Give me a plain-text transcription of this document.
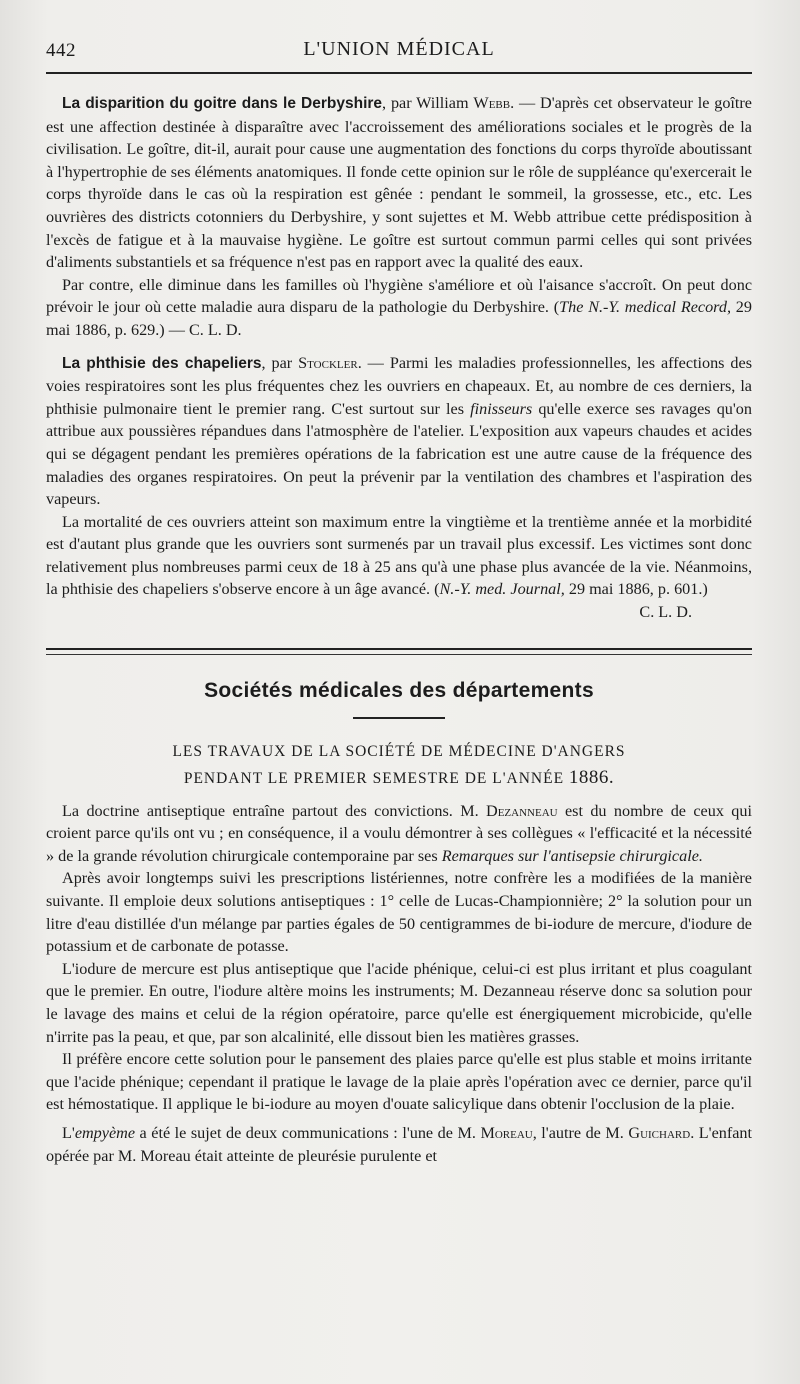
442	L'UNION MÉDICAL

La disparition du goitre dans le Derbyshire, par William Webb. — D'après cet observateur le goître est une affection destinée à disparaître avec l'accroissement des améliorations sociales et le progrès de la civilisation. Le goître, dit-il, aurait pour cause une augmentation des fonctions du corps thyroïde aboutissant à l'hypertrophie de ses éléments anatomiques. Il fonde cette opinion sur le rôle de suppléance qu'exercerait le corps thyroïde dans le cas où la respiration est gênée : pendant le sommeil, la grossesse, etc., etc. Les ouvrières des districts cotonniers du Derbyshire, y sont sujettes et M. Webb attribue cette prédisposition à l'excès de fatigue et à la mauvaise hygiène. Le goître est surtout commun parmi celles qui sont privées d'aliments substantiels et sa fréquence n'est pas en rapport avec la qualité des eaux.

Par contre, elle diminue dans les familles où l'hygiène s'améliore et où l'aisance s'accroît. On peut donc prévoir le jour où cette maladie aura disparu de la pathologie du Derbyshire. (The N.-Y. medical Record, 29 mai 1886, p. 629.) — C. L. D.

La phthisie des chapeliers, par Stockler. — Parmi les maladies professionnelles, les affections des voies respiratoires sont les plus fréquentes chez les ouvriers en chapeaux. Et, au nombre de ces derniers, la phthisie pulmonaire tient le premier rang. C'est surtout sur les finisseurs qu'elle exerce ses ravages qu'on attribue aux poussières répandues dans l'atmosphère de l'atelier. L'exposition aux vapeurs chaudes et acides qui se dégagent pendant les premières opérations de la fabrication est une autre cause de la fréquence des maladies des organes respiratoires. On peut la prévenir par la ventilation des chambres et l'aspiration des vapeurs.

La mortalité de ces ouvriers atteint son maximum entre la vingtième et la trentième année et la morbidité est d'autant plus grande que les ouvriers sont surmenés par un travail plus excessif. Les victimes sont donc relativement plus nombreuses parmi ceux de 18 à 25 ans qu'à une phase plus avancée de la vie. Néanmoins, la phthisie des chapeliers s'observe encore à un âge avancé. (N.-Y. med. Journal, 29 mai 1886, p. 601.)

C. L. D.

Sociétés médicales des départements
LES TRAVAUX DE LA SOCIÉTÉ DE MÉDECINE D'ANGERS
PENDANT LE PREMIER SEMESTRE DE L'ANNÉE 1886.

La doctrine antiseptique entraîne partout des convictions. M. Dezanneau est du nombre de ceux qui croient parce qu'ils ont vu ; en conséquence, il a voulu démontrer à ses collègues « l'efficacité et la nécessité » de la grande révolution chirurgicale contemporaine par ses Remarques sur l'antisepsie chirurgicale.

Après avoir longtemps suivi les prescriptions listériennes, notre confrère les a modifiées de la manière suivante. Il emploie deux solutions antiseptiques : 1° celle de Lucas-Championnière; 2° la solution pour un litre d'eau distillée d'un mélange par parties égales de 50 centigrammes de bi-iodure de mercure, d'iodure de potassium et de carbonate de potasse.

L'iodure de mercure est plus antiseptique que l'acide phénique, celui-ci est plus irritant et plus coagulant que le premier. En outre, l'iodure altère moins les instruments; M. Dezanneau réserve donc sa solution pour le lavage des mains et celui de la région opératoire, parce qu'elle est énergiquement microbicide, qu'elle n'irrite pas la peau, et que, par son alcalinité, elle dissout bien les matières grasses.

Il préfère encore cette solution pour le pansement des plaies parce qu'elle est plus stable et moins irritante que l'acide phénique; cependant il pratique le lavage de la plaie après l'opération avec ce dernier, parce qu'il est hémostatique. Il applique le bi-iodure au moyen d'ouate salicylique dans obtenir l'occlusion de la plaie.

L'empyème a été le sujet de deux communications : l'une de M. Moreau, l'autre de M. Guichard. L'enfant opérée par M. Moreau était atteinte de pleurésie purulente et
